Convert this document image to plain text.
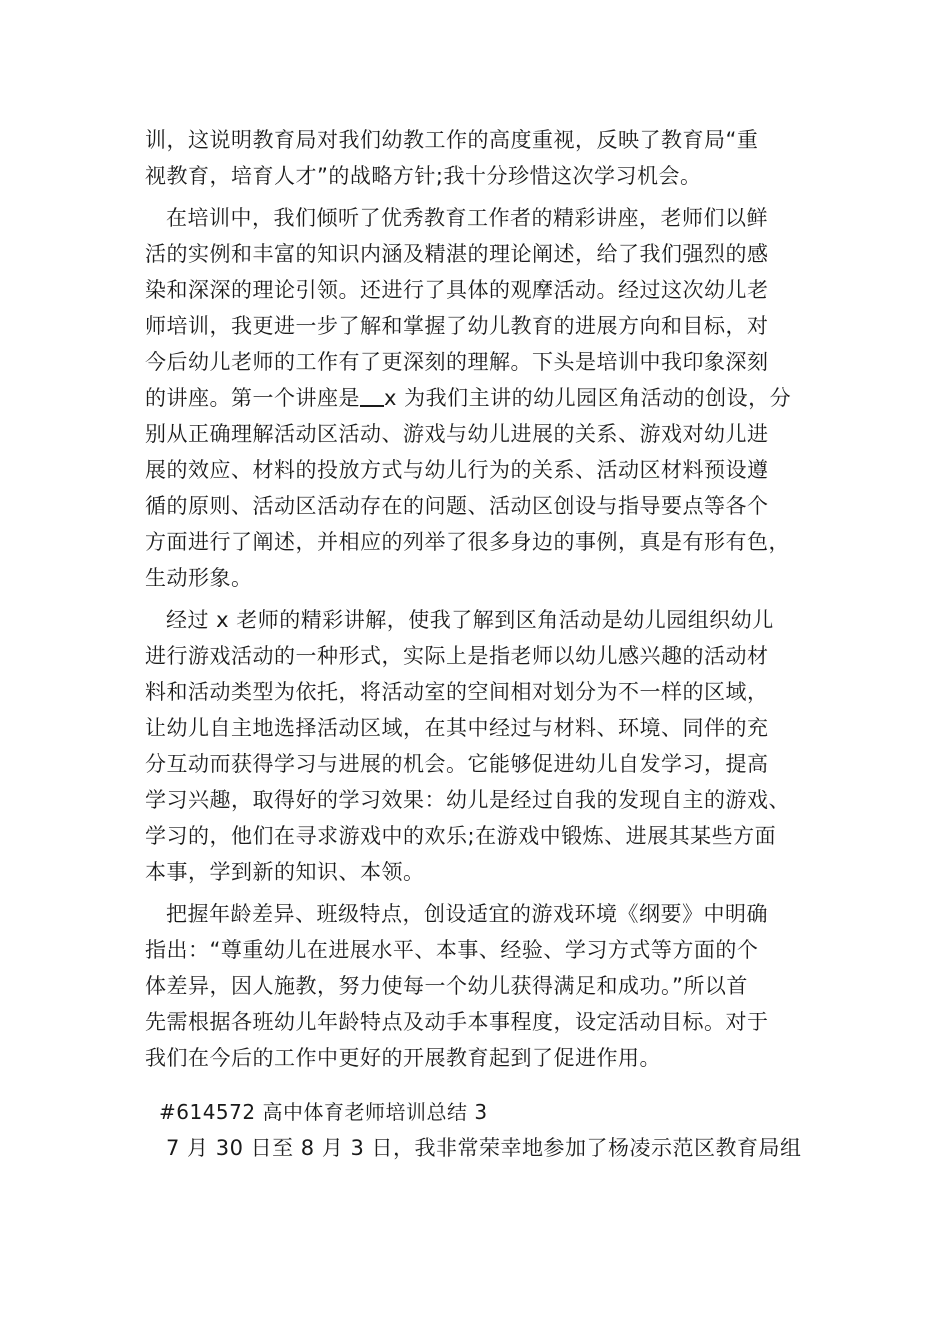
训，这说明教育局对我们幼教工作的高度重视，反映了教育局“重
视教育，培育人才”的战略方针;我十分珍惜这次学习机会。
在培训中，我们倾听了优秀教育工作者的精彩讲座，老师们以鲜
活的实例和丰富的知识内涵及精湛的理论阐述，给了我们强烈的感
染和深深的理论引领。还进行了具体的观摩活动。经过这次幼儿老
师培训，我更进一步了解和掌握了幼儿教育的进展方向和目标，对
今后幼儿老师的工作有了更深刻的理解。下头是培训中我印象深刻
的讲座。第一个讲座是 x 为我们主讲的幼儿园区角活动的创设，分
别从正确理解活动区活动、游戏与幼儿进展的关系、游戏对幼儿进
展的效应、材料的投放方式与幼儿行为的关系、活动区材料预设遵
循的原则、活动区活动存在的问题、活动区创设与指导要点等各个
方面进行了阐述，并相应的列举了很多身边的事例，真是有形有色，
生动形象。
经过 x 老师的精彩讲解，使我了解到区角活动是幼儿园组织幼儿
进行游戏活动的一种形式，实际上是指老师以幼儿感兴趣的活动材
料和活动类型为依托，将活动室的空间相对划分为不一样的区域，
让幼儿自主地选择活动区域，在其中经过与材料、环境、同伴的充
分互动而获得学习与进展的机会。它能够促进幼儿自发学习，提高
学习兴趣，取得好的学习效果：幼儿是经过自我的发现自主的游戏、
学习的，他们在寻求游戏中的欢乐;在游戏中锻炼、进展其某些方面
本事，学到新的知识、本领。
把握年龄差异、班级特点，创设适宜的游戏环境《纲要》中明确
指出：“尊重幼儿在进展水平、本事、经验、学习方式等方面的个
体差异，因人施教，努力使每一个幼儿获得满足和成功。”所以首
先需根据各班幼儿年龄特点及动手本事程度，设定活动目标。对于
我们在今后的工作中更好的开展教育起到了促进作用。
#614572 高中体育老师培训总结 3
7 月 30 日至 8 月 3 日，我非常荣幸地参加了杨凌示范区教育局组
